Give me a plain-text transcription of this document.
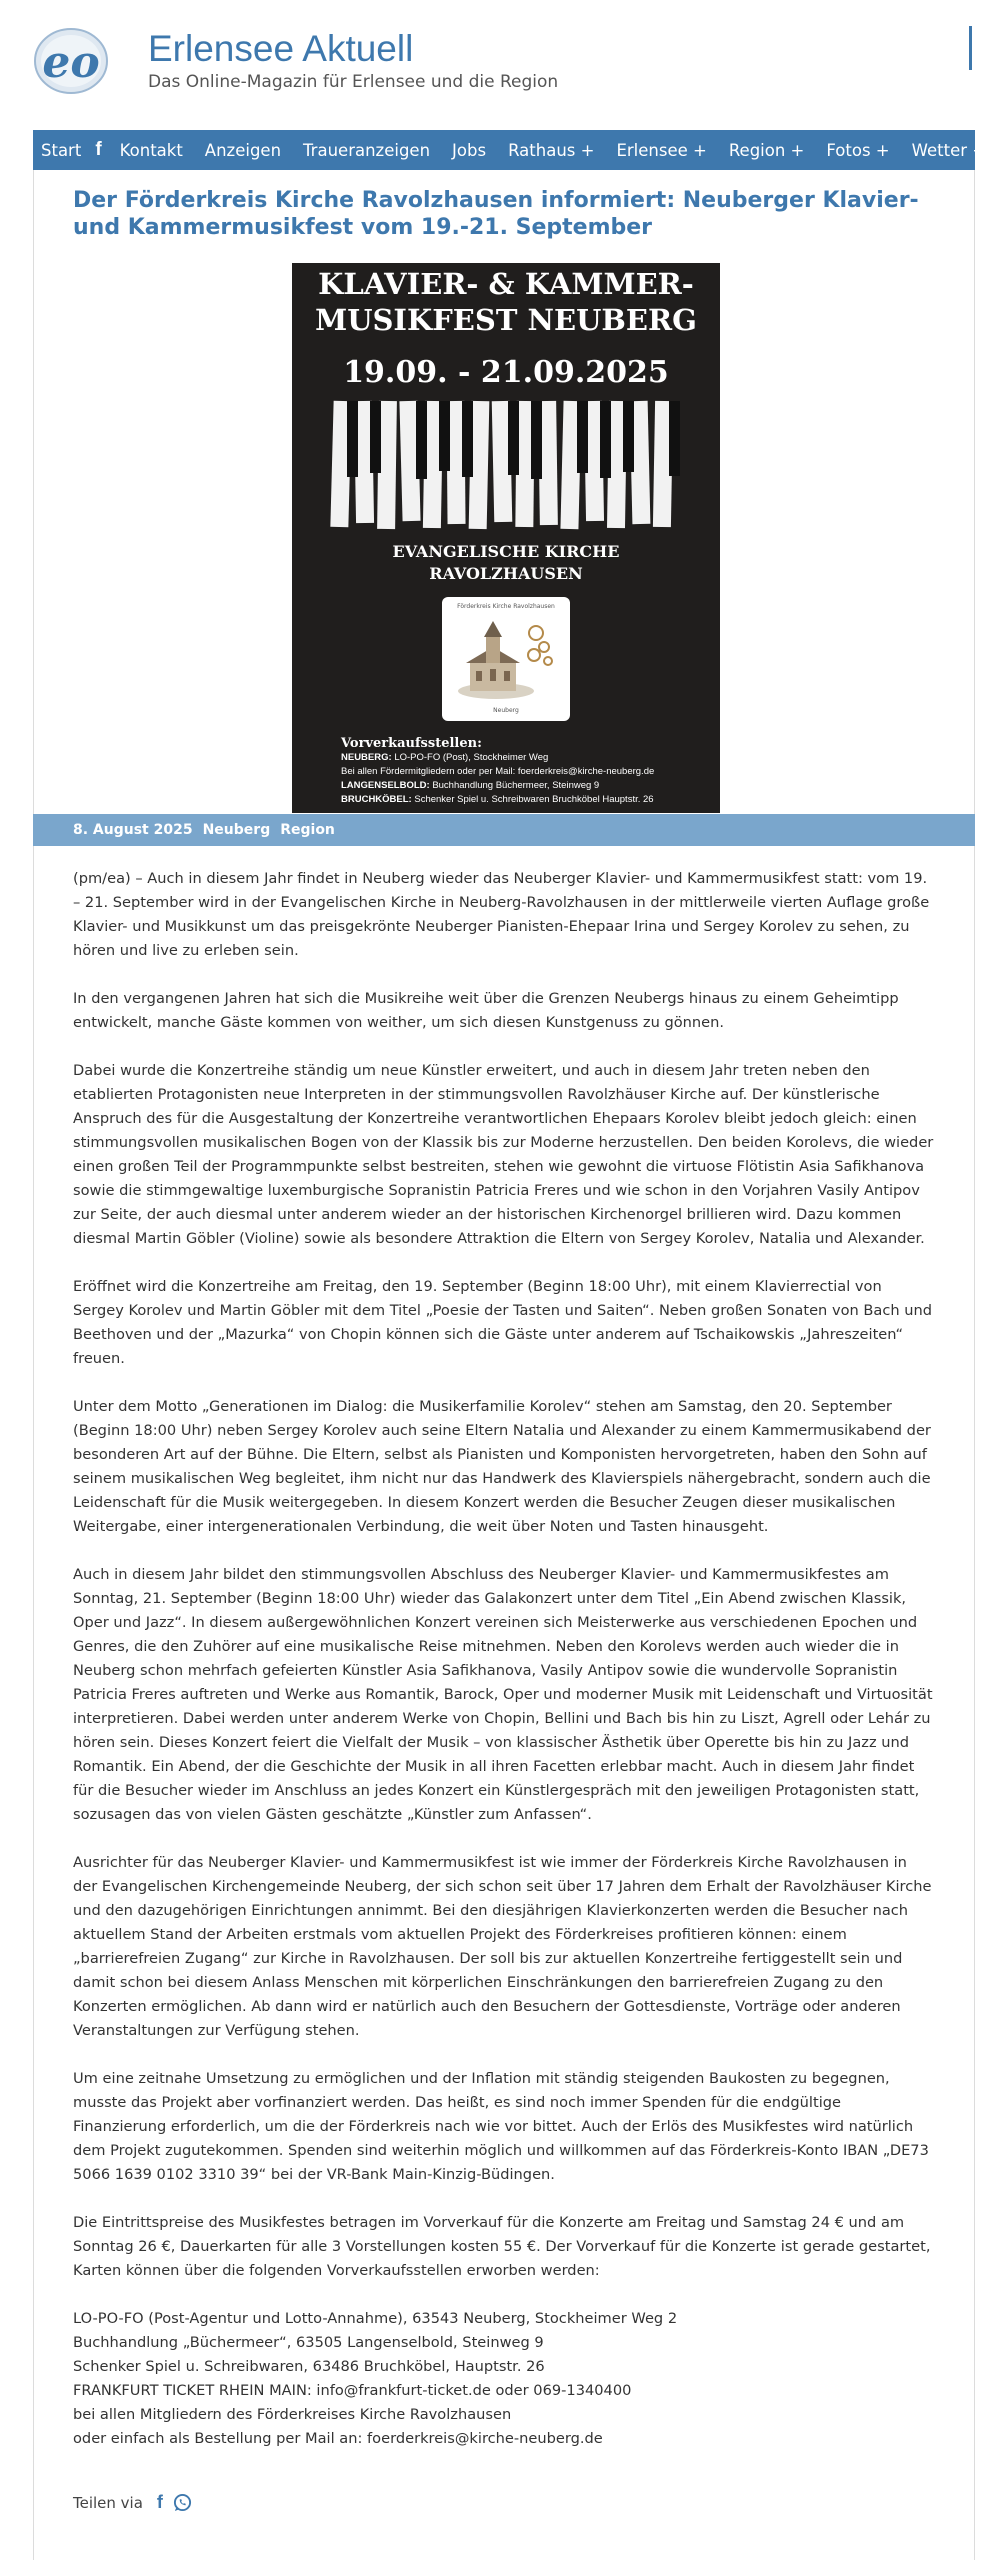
eo Erlensee Aktuell
Das Online-Magazin für Erlensee und die Region
Start f Kontakt Anzeigen Traueranzeigen Jobs Rathaus + Erlensee + Region + Fotos + Wetter +
Der Förderkreis Kirche Ravolzhausen informiert: Neuberger Klavier- und Kammermusikfest vom 19.-21. September
KLAVIER- & KAMMER-
MUSIKFEST NEUBERG
19.09. - 21.09.2025
EVANGELISCHE KIRCHE
RAVOLZHAUSEN
Förderkreis Kirche Ravolzhausen
Neuberg
Vorverkaufsstellen:
NEUBERG: LO-PO-FO (Post), Stockheimer Weg
Bei allen Fördermitgliedern oder per Mail: foerderkreis@kirche-neuberg.de
LANGENSELBOLD: Buchhandlung Büchermeer, Steinweg 9
BRUCHKÖBEL: Schenker Spiel u. Schreibwaren Bruchköbel Hauptstr. 26
8. August 2025 Neuberg Region

(pm/ea) – Auch in diesem Jahr findet in Neuberg wieder das Neuberger Klavier- und Kammermusikfest statt: vom 19. – 21. September wird in der Evangelischen Kirche in Neuberg-Ravolzhausen in der mittlerweile vierten Auflage große Klavier- und Musikkunst um das preisgekrönte Neuberger Pianisten-Ehepaar Irina und Sergey Korolev zu sehen, zu hören und live zu erleben sein.

In den vergangenen Jahren hat sich die Musikreihe weit über die Grenzen Neubergs hinaus zu einem Geheimtipp entwickelt, manche Gäste kommen von weither, um sich diesen Kunstgenuss zu gönnen.

Dabei wurde die Konzertreihe ständig um neue Künstler erweitert, und auch in diesem Jahr treten neben den etablierten Protagonisten neue Interpreten in der stimmungsvollen Ravolzhäuser Kirche auf. Der künstlerische Anspruch des für die Ausgestaltung der Konzertreihe verantwortlichen Ehepaars Korolev bleibt jedoch gleich: einen stimmungsvollen musikalischen Bogen von der Klassik bis zur Moderne herzustellen. Den beiden Korolevs, die wieder einen großen Teil der Programmpunkte selbst bestreiten, stehen wie gewohnt die virtuose Flötistin Asia Safikhanova sowie die stimmgewaltige luxemburgische Sopranistin Patricia Freres und wie schon in den Vorjahren Vasily Antipov zur Seite, der auch diesmal unter anderem wieder an der historischen Kirchenorgel brillieren wird. Dazu kommen diesmal Martin Göbler (Violine) sowie als besondere Attraktion die Eltern von Sergey Korolev, Natalia und Alexander.

Eröffnet wird die Konzertreihe am Freitag, den 19. September (Beginn 18:00 Uhr), mit einem Klavierrectial von Sergey Korolev und Martin Göbler mit dem Titel „Poesie der Tasten und Saiten“. Neben großen Sonaten von Bach und Beethoven und der „Mazurka“ von Chopin können sich die Gäste unter anderem auf Tschaikowskis „Jahreszeiten“ freuen.

Unter dem Motto „Generationen im Dialog: die Musikerfamilie Korolev“ stehen am Samstag, den 20. September (Beginn 18:00 Uhr) neben Sergey Korolev auch seine Eltern Natalia und Alexander zu einem Kammermusikabend der besonderen Art auf der Bühne. Die Eltern, selbst als Pianisten und Komponisten hervorgetreten, haben den Sohn auf seinem musikalischen Weg begleitet, ihm nicht nur das Handwerk des Klavierspiels nähergebracht, sondern auch die Leidenschaft für die Musik weitergegeben. In diesem Konzert werden die Besucher Zeugen dieser musikalischen Weitergabe, einer intergenerationalen Verbindung, die weit über Noten und Tasten hinausgeht.

Auch in diesem Jahr bildet den stimmungsvollen Abschluss des Neuberger Klavier- und Kammermusikfestes am Sonntag, 21. September (Beginn 18:00 Uhr) wieder das Galakonzert unter dem Titel „Ein Abend zwischen Klassik, Oper und Jazz“. In diesem außergewöhnlichen Konzert vereinen sich Meisterwerke aus verschiedenen Epochen und Genres, die den Zuhörer auf eine musikalische Reise mitnehmen. Neben den Korolevs werden auch wieder die in Neuberg schon mehrfach gefeierten Künstler Asia Safikhanova, Vasily Antipov sowie die wundervolle Sopranistin Patricia Freres auftreten und Werke aus Romantik, Barock, Oper und moderner Musik mit Leidenschaft und Virtuosität interpretieren. Dabei werden unter anderem Werke von Chopin, Bellini und Bach bis hin zu Liszt, Agrell oder Lehár zu hören sein. Dieses Konzert feiert die Vielfalt der Musik – von klassischer Ästhetik über Operette bis hin zu Jazz und Romantik. Ein Abend, der die Geschichte der Musik in all ihren Facetten erlebbar macht. Auch in diesem Jahr findet für die Besucher wieder im Anschluss an jedes Konzert ein Künstlergespräch mit den jeweiligen Protagonisten statt, sozusagen das von vielen Gästen geschätzte „Künstler zum Anfassen“.

Ausrichter für das Neuberger Klavier- und Kammermusikfest ist wie immer der Förderkreis Kirche Ravolzhausen in der Evangelischen Kirchengemeinde Neuberg, der sich schon seit über 17 Jahren dem Erhalt der Ravolzhäuser Kirche und den dazugehörigen Einrichtungen annimmt. Bei den diesjährigen Klavierkonzerten werden die Besucher nach aktuellem Stand der Arbeiten erstmals vom aktuellen Projekt des Förderkreises profitieren können: einem „barrierefreien Zugang“ zur Kirche in Ravolzhausen. Der soll bis zur aktuellen Konzertreihe fertiggestellt sein und damit schon bei diesem Anlass Menschen mit körperlichen Einschränkungen den barrierefreien Zugang zu den Konzerten ermöglichen. Ab dann wird er natürlich auch den Besuchern der Gottesdienste, Vorträge oder anderen Veranstaltungen zur Verfügung stehen.

Um eine zeitnahe Umsetzung zu ermöglichen und der Inflation mit ständig steigenden Baukosten zu begegnen, musste das Projekt aber vorfinanziert werden. Das heißt, es sind noch immer Spenden für die endgültige Finanzierung erforderlich, um die der Förderkreis nach wie vor bittet. Auch der Erlös des Musikfestes wird natürlich dem Projekt zugutekommen. Spenden sind weiterhin möglich und willkommen auf das Förderkreis-Konto IBAN „DE73 5066 1639 0102 3310 39“ bei der VR-Bank Main-Kinzig-Büdingen.

Die Eintrittspreise des Musikfestes betragen im Vorverkauf für die Konzerte am Freitag und Samstag 24 € und am Sonntag 26 €, Dauerkarten für alle 3 Vorstellungen kosten 55 €. Der Vorverkauf für die Konzerte ist gerade gestartet, Karten können über die folgenden Vorverkaufsstellen erworben werden:

LO-PO-FO (Post-Agentur und Lotto-Annahme), 63543 Neuberg, Stockheimer Weg 2
Buchhandlung „Büchermeer“, 63505 Langenselbold, Steinweg 9
Schenker Spiel u. Schreibwaren, 63486 Bruchköbel, Hauptstr. 26
FRANKFURT TICKET RHEIN MAIN: info@frankfurt-ticket.de oder 069-1340400
bei allen Mitgliedern des Förderkreises Kirche Ravolzhausen
oder einfach als Bestellung per Mail an: foerderkreis@kirche-neuberg.de
Teilen via f
